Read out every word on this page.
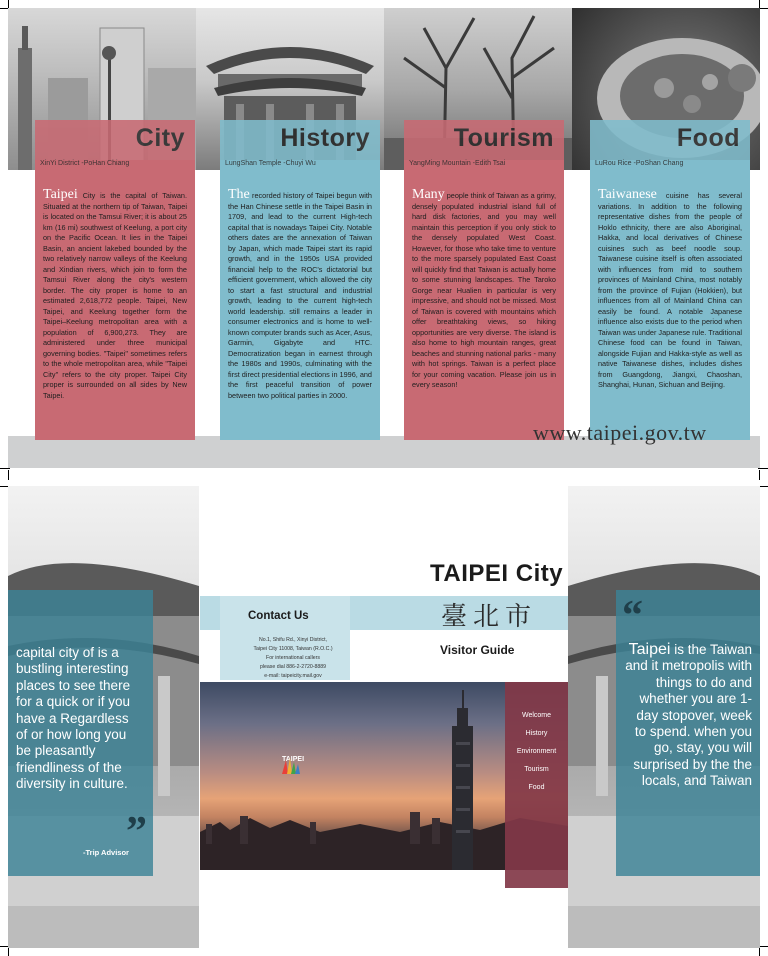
City
XinYi District -PoHan Chiang
Taipei City is the capital of Taiwan. Situated at the northern tip of Taiwan, Taipei is located on the Tamsui River; it is about 25 km (16 mi) southwest of Keelung, a port city on the Pacific Ocean. It lies in the Taipei Basin, an ancient lakebed bounded by the two relatively narrow valleys of the Keelung and Xindian rivers, which join to form the Tamsui River along the city's western border. The city proper is home to an estimated 2,618,772 people. Taipei, New Taipei, and Keelung together form the Taipei–Keelung metropolitan area with a population of 6,900,273. They are administered under three municipal governing bodies. "Taipei" sometimes refers to the whole metropolitan area, while "Taipei City" refers to the city proper. Taipei City proper is surrounded on all sides by New Taipei.
History
LungShan Temple -Chuyi Wu
The recorded history of Taipei begun with the Han Chinese settle in the Taipei Basin in 1709, and lead to the current High-tech capital that is nowadays Taipei City. Notable others dates are the annexation of Taiwan by Japan, which made Taipei start its rapid growth, and in the 1950s USA provided financial help to the ROC's dictatorial but efficient government, which allowed the city to start a fast structural and industrial growth, leading to the current high-tech world leadership. still remains a leader in consumer electronics and is home to well-known computer brands such as Acer, Asus, Garmin, Gigabyte and HTC. Democratization began in earnest through the 1980s and 1990s, culminating with the first direct presidential elections in 1996, and the first peaceful transition of power between two political parties in 2000.
Tourism
YangMing Mountain -Edith Tsai
Many people think of Taiwan as a grimy, densely populated industrial island full of hard disk factories, and you may well maintain this perception if you only stick to the densely populated West Coast. However, for those who take time to venture to the more sparsely populated East Coast will quickly find that Taiwan is actually home to some stunning landscapes. The Taroko Gorge near Hualien in particular is very impressive, and should not be missed. Most of Taiwan is covered with mountains which offer breathtaking views, so hiking opportunities are very diverse. The island is also home to high mountain ranges, great beaches and stunning national parks - many with hot springs. Taiwan is a perfect place for your coming vacation. Please join us in every season!
Food
LuRou Rice -PoShan Chang
Taiwanese cuisine has several variations. In addition to the following representative dishes from the people of Hoklo ethnicity, there are also Aboriginal, Hakka, and local derivatives of Chinese cuisines such as beef noodle soup. Taiwanese cuisine itself is often associated with influences from mid to southern provinces of Mainland China, most notably from the province of Fujian (Hokkien), but influences from all of Mainland China can easily be found. A notable Japanese influence also exists due to the period when Taiwan was under Japanese rule. Traditional Chinese food can be found in Taiwan, alongside Fujian and Hakka-style as well as native Taiwanese dishes, includes dishes from Guangdong, Jiangxi, Chaoshan, Shanghai, Hunan, Sichuan and Beijing.
www.taipei.gov.tw
capital city of is a bustling interesting places to see there for a quick or if you have a Regardless of or how long you be pleasantly friendliness of the diversity in culture.
”
-Trip Advisor
“
Taipei is the Taiwan and it metropolis with things to do and whether you are 1-day stopover, week to spend. when you go, stay, you will surprised by the the locals, and Taiwan
TAIPEI City
臺北市
Contact Us
No.1, Shifu Rd., Xinyi District,
Taipei City 11008, Taiwan (R.O.C.)
For international callers
please dial 886-2-2720-8889
e-mail: taipeicity.mail.gov
Visitor Guide
TAIPEI
Welcome
History
Environment
Tourism
Food
